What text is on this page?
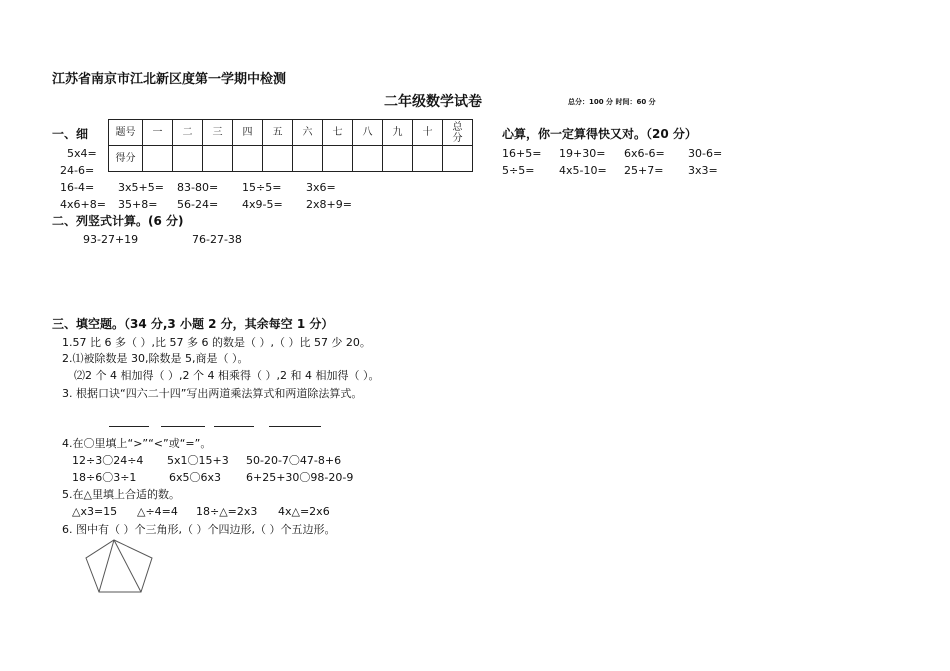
江苏省南京市江北新区度第一学期中检测
二年级数学试卷	总分：100 分 时间：60 分
一、细	题号	一	二	三	四	五	六	七	八	九	十	总分
得分											
心算，你一定算得快又对。（20 分）
5x4=
24-6=
16+5= 19+30= 6x6-6= 30-6=
5÷5= 4x5-10= 25+7= 3x3=
16-4= 3x5+5= 83-80= 15÷5= 3x6=
4x6+8= 35+8= 56-24= 4x9-5= 2x8+9=
二、列竖式计算。(6 分)
93-27+19	76-27-38
三、填空题。（34 分,3 小题 2 分，其余每空 1 分）
1.57 比 6 多（ ）,比 57 多 6 的数是（ ）,（ ）比 57 少 20。
2.⑴被除数是 30,除数是 5,商是（ ）。
⑵2 个 4 相加得（ ）,2 个 4 相乘得（ ）,2 和 4 相加得（ ）。
3. 根据口诀“四六二十四”写出两道乘法算式和两道除法算式。
4.在〇里填上“>”“<”或“=”。
12÷3〇24÷4 5x1〇15+3 50-20-7〇47-8+6
18÷6〇3÷1	6x5〇6x3 6+25+30〇98-20-9
5.在△里填上合适的数。
△x3=15 △÷4=4 18÷△=2x3 4x△=2x6
6. 图中有（ ）个三角形,（ ）个四边形,（ ）个五边形。
